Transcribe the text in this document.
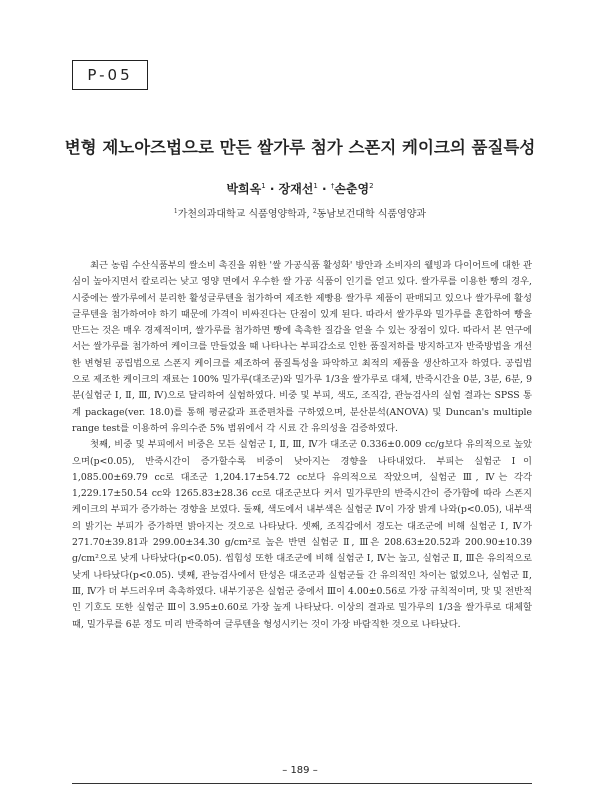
P-05
변형 제노아즈법으로 만든 쌀가루 첨가 스폰지 케이크의 품질특성
박희옥$^1$ · 장재선$^1$ · †손춘영$^2$
$^1$가천의과대학교 식품영양학과, $^2$동남보건대학 식품영양과

최근 농림 수산식품부의 쌀소비 촉진을 위한 '쌀 가공식품 활성화' 방안과 소비자의 웰빙과 다이어트에 대한 관심이 높아지면서 칼로리는 낮고 영양 면에서 우수한 쌀 가공 식품이 인기를 얻고 있다. 쌀가루를 이용한 빵의 경우, 시중에는 쌀가루에서 분리한 활성글루텐을 첨가하여 제조한 제빵용 쌀가루 제품이 판매되고 있으나 쌀가루에 활성글루텐을 첨가하여야 하기 때문에 가격이 비싸진다는 단점이 있게 된다. 따라서 쌀가루와 밀가루를 혼합하여 빵을 만드는 것은 매우 경제적이며, 쌀가루를 첨가하면 빵에 촉촉한 질감을 얻을 수 있는 장점이 있다. 따라서 본 연구에서는 쌀가루를 첨가하여 케이크를 만들었을 때 나타나는 부피감소로 인한 품질저하를 방지하고자 반죽방법을 개선한 변형된 공립법으로 스폰지 케이크를 제조하여 품질특성을 파악하고 최적의 제품을 생산하고자 하였다. 공립법으로 제조한 케이크의 재료는 100% 밀가루(대조군)와 밀가루 1/3을 쌀가루로 대체, 반죽시간을 0분, 3분, 6분, 9분(실험군 Ⅰ, Ⅱ, Ⅲ, Ⅳ)으로 달리하여 실험하였다. 비중 및 부피, 색도, 조직감, 관능검사의 실험 결과는 SPSS 통계 package(ver. 18.0)를 통해 평균값과 표준편차를 구하였으며, 분산분석(ANOVA) 및 Duncan's multiple range test를 이용하여 유의수준 5% 범위에서 각 시료 간 유의성을 검증하였다.

첫째, 비중 및 부피에서 비중은 모든 실험군 Ⅰ, Ⅱ, Ⅲ, Ⅳ가 대조군 0.336±0.009 cc/g보다 유의적으로 높았으며(p<0.05), 반죽시간이 증가할수록 비중이 낮아지는 경향을 나타내었다. 부피는 실험군 Ⅰ이 1,085.00±69.79 cc로 대조군 1,204.17±54.72 cc보다 유의적으로 작았으며, 실험군 Ⅲ, Ⅳ는 각각 1,229.17±50.54 cc와 1265.83±28.36 cc로 대조군보다 커서 밀가루만의 반죽시간이 증가함에 따라 스폰지 케이크의 부피가 증가하는 경향을 보였다. 둘째, 색도에서 내부색은 실험군 Ⅳ이 가장 밝게 나와(p<0.05), 내부색의 밝기는 부피가 증가하면 밝아지는 것으로 나타났다. 셋째, 조직감에서 경도는 대조군에 비해 실험군 Ⅰ, Ⅳ가 271.70±39.81과 299.00±34.30 g/cm²로 높은 반면 실험군 Ⅱ, Ⅲ은 208.63±20.52과 200.90±10.39 g/cm²으로 낮게 나타났다(p<0.05). 씹힘성 또한 대조군에 비해 실험군 Ⅰ, Ⅳ는 높고, 실험군 Ⅱ, Ⅲ은 유의적으로 낮게 나타났다(p<0.05). 넷째, 관능검사에서 탄성은 대조군과 실험군들 간 유의적인 차이는 없었으나, 실험군 Ⅱ, Ⅲ, Ⅳ가 더 부드러우며 촉촉하였다. 내부기공은 실험군 중에서 Ⅲ이 4.00±0.56로 가장 규칙적이며, 맛 및 전반적인 기호도 또한 실험군 Ⅲ이 3.95±0.60로 가장 높게 나타났다. 이상의 결과로 밀가루의 1/3을 쌀가루로 대체할 때, 밀가루를 6분 정도 미리 반죽하여 글루텐을 형성시키는 것이 가장 바람직한 것으로 나타났다.

– 189 –
